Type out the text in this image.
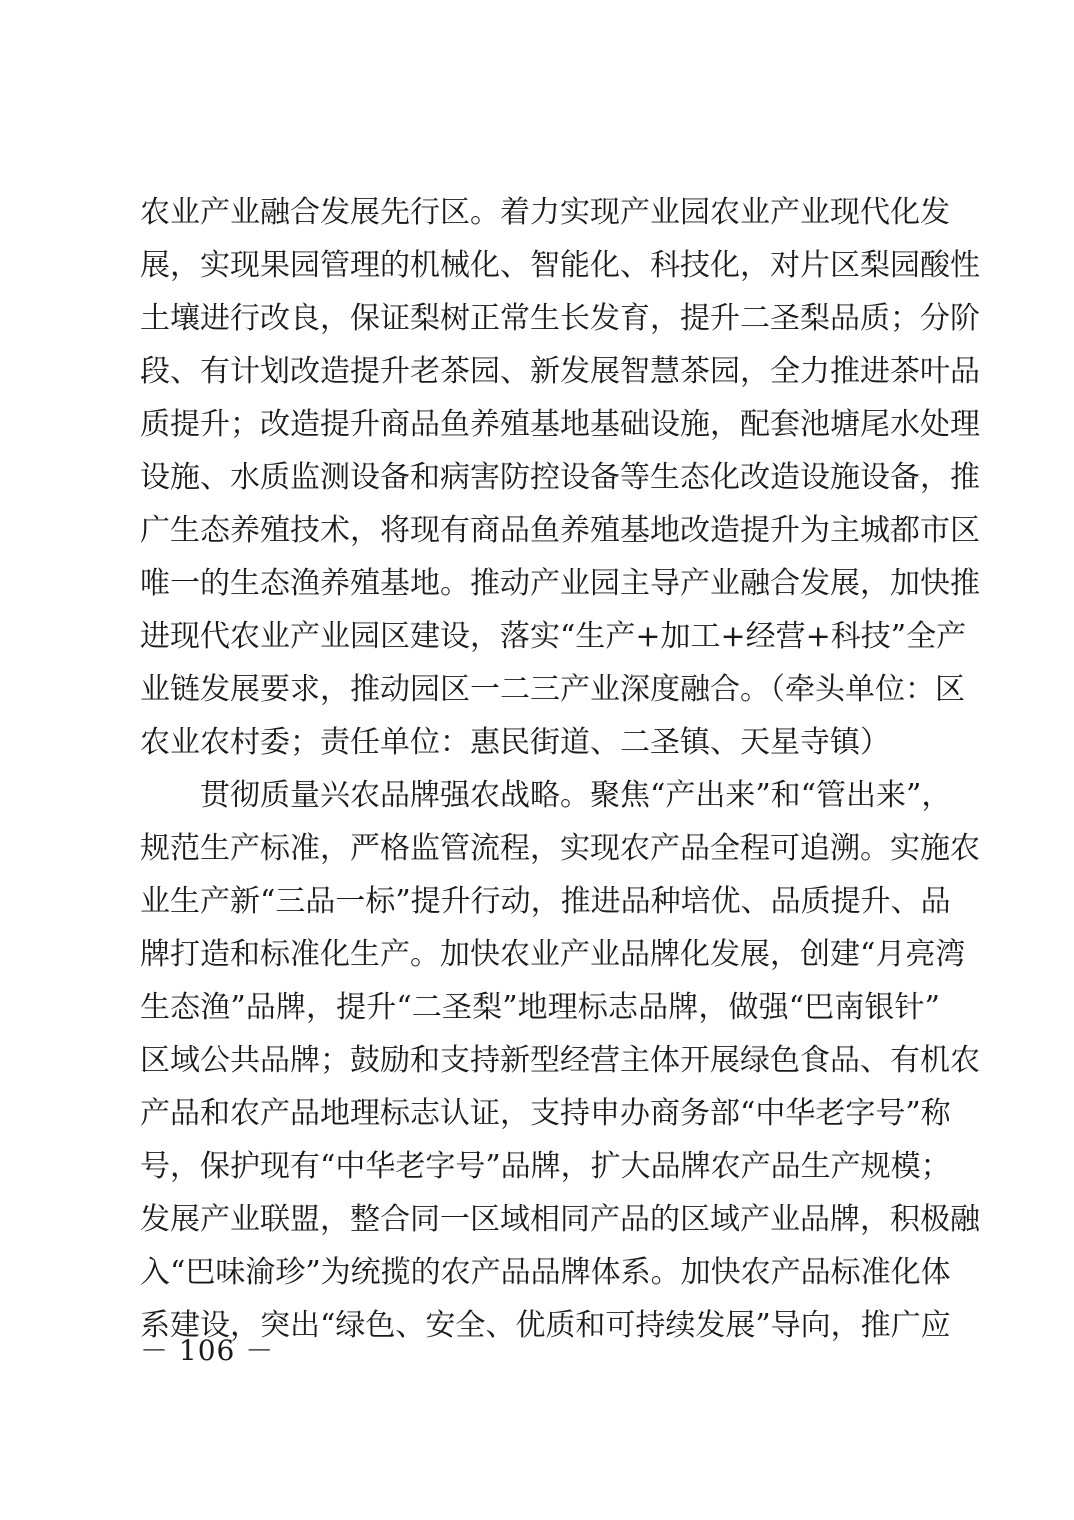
农业产业融合发展先行区。着力实现产业园农业产业现代化发
展，实现果园管理的机械化、智能化、科技化，对片区梨园酸性
土壤进行改良，保证梨树正常生长发育，提升二圣梨品质；分阶
段、有计划改造提升老茶园、新发展智慧茶园，全力推进茶叶品
质提升；改造提升商品鱼养殖基地基础设施，配套池塘尾水处理
设施、水质监测设备和病害防控设备等生态化改造设施设备，推
广生态养殖技术，将现有商品鱼养殖基地改造提升为主城都市区
唯一的生态渔养殖基地。推动产业园主导产业融合发展，加快推
进现代农业产业园区建设，落实“生产+加工+经营+科技”全产
业链发展要求，推动园区一二三产业深度融合。（牵头单位：区
农业农村委；责任单位：惠民街道、二圣镇、天星寺镇）
贯彻质量兴农品牌强农战略。聚焦“产出来”和“管出来”，
规范生产标准，严格监管流程，实现农产品全程可追溯。实施农
业生产新“三品一标”提升行动，推进品种培优、品质提升、品
牌打造和标准化生产。加快农业产业品牌化发展，创建“月亮湾
生态渔”品牌，提升“二圣梨”地理标志品牌，做强“巴南银针”
区域公共品牌；鼓励和支持新型经营主体开展绿色食品、有机农
产品和农产品地理标志认证，支持申办商务部“中华老字号”称
号，保护现有“中华老字号”品牌，扩大品牌农产品生产规模；
发展产业联盟，整合同一区域相同产品的区域产业品牌，积极融
入“巴味渝珍”为统揽的农产品品牌体系。加快农产品标准化体
系建设，突出“绿色、安全、优质和可持续发展”导向，推广应
－ 106 －
